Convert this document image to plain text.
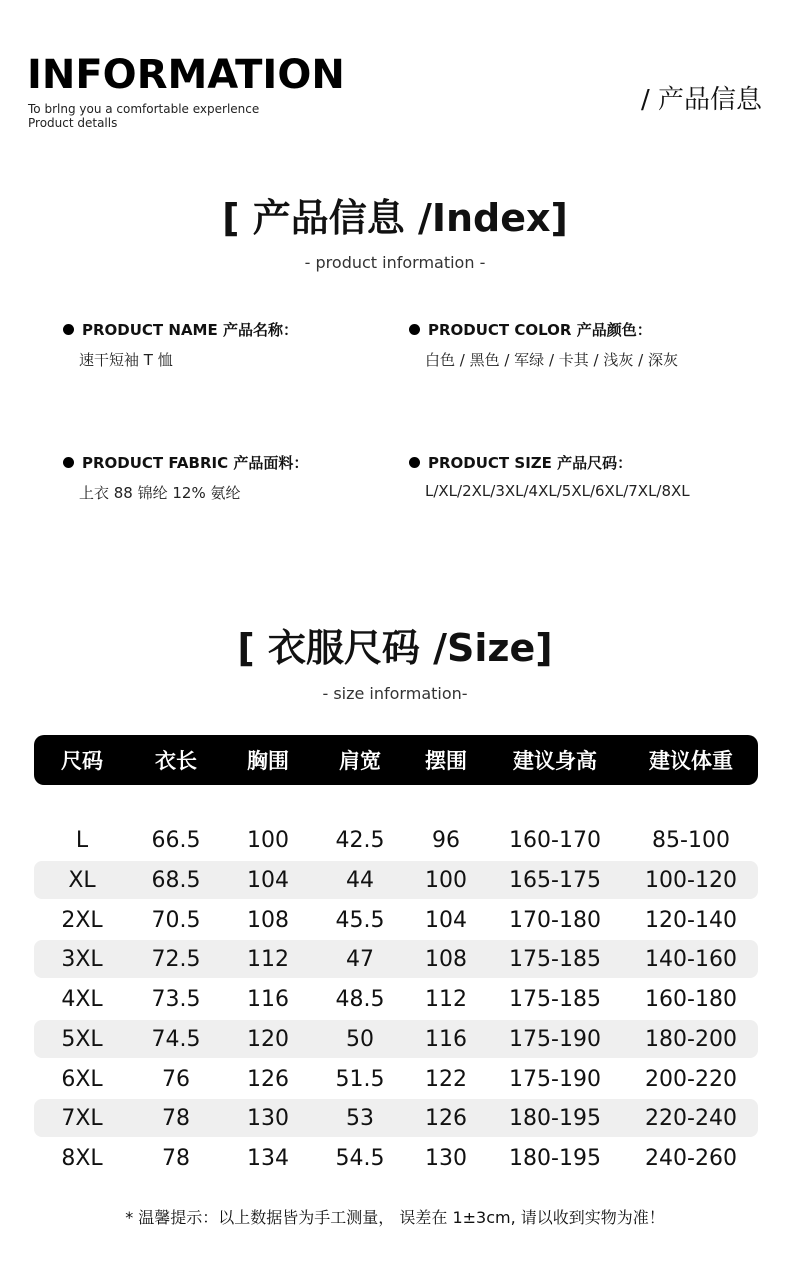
INFORMATION
To brlng you a comfortable experlence
Product detalls
/ 产品信息
[ 产品信息 /Index]
- product information -
PRODUCT NAME 产品名称：
速干短袖 T 恤
PRODUCT COLOR 产品颜色：
白色 / 黑色 / 军绿 / 卡其 / 浅灰 / 深灰
PRODUCT FABRIC 产品面料：
上衣 88 锦纶 12% 氨纶
PRODUCT SIZE 产品尺码：
L/XL/2XL/3XL/4XL/5XL/6XL/7XL/8XL
[ 衣服尺码 /Size]
- size information-
尺码	衣长	胸围	肩宽	摆围	建议身高	建议体重
L	66.5	100	42.5	96	160-170	85-100
XL	68.5	104	44	100	165-175	100-120
2XL	70.5	108	45.5	104	170-180	120-140
3XL	72.5	112	47	108	175-185	140-160
4XL	73.5	116	48.5	112	175-185	160-180
5XL	74.5	120	50	116	175-190	180-200
6XL	76	126	51.5	122	175-190	200-220
7XL	78	130	53	126	180-195	220-240
8XL	78	134	54.5	130	180-195	240-260
* 温馨提示：以上数据皆为手工测量， 误差在 1±3cm, 请以收到实物为准！
